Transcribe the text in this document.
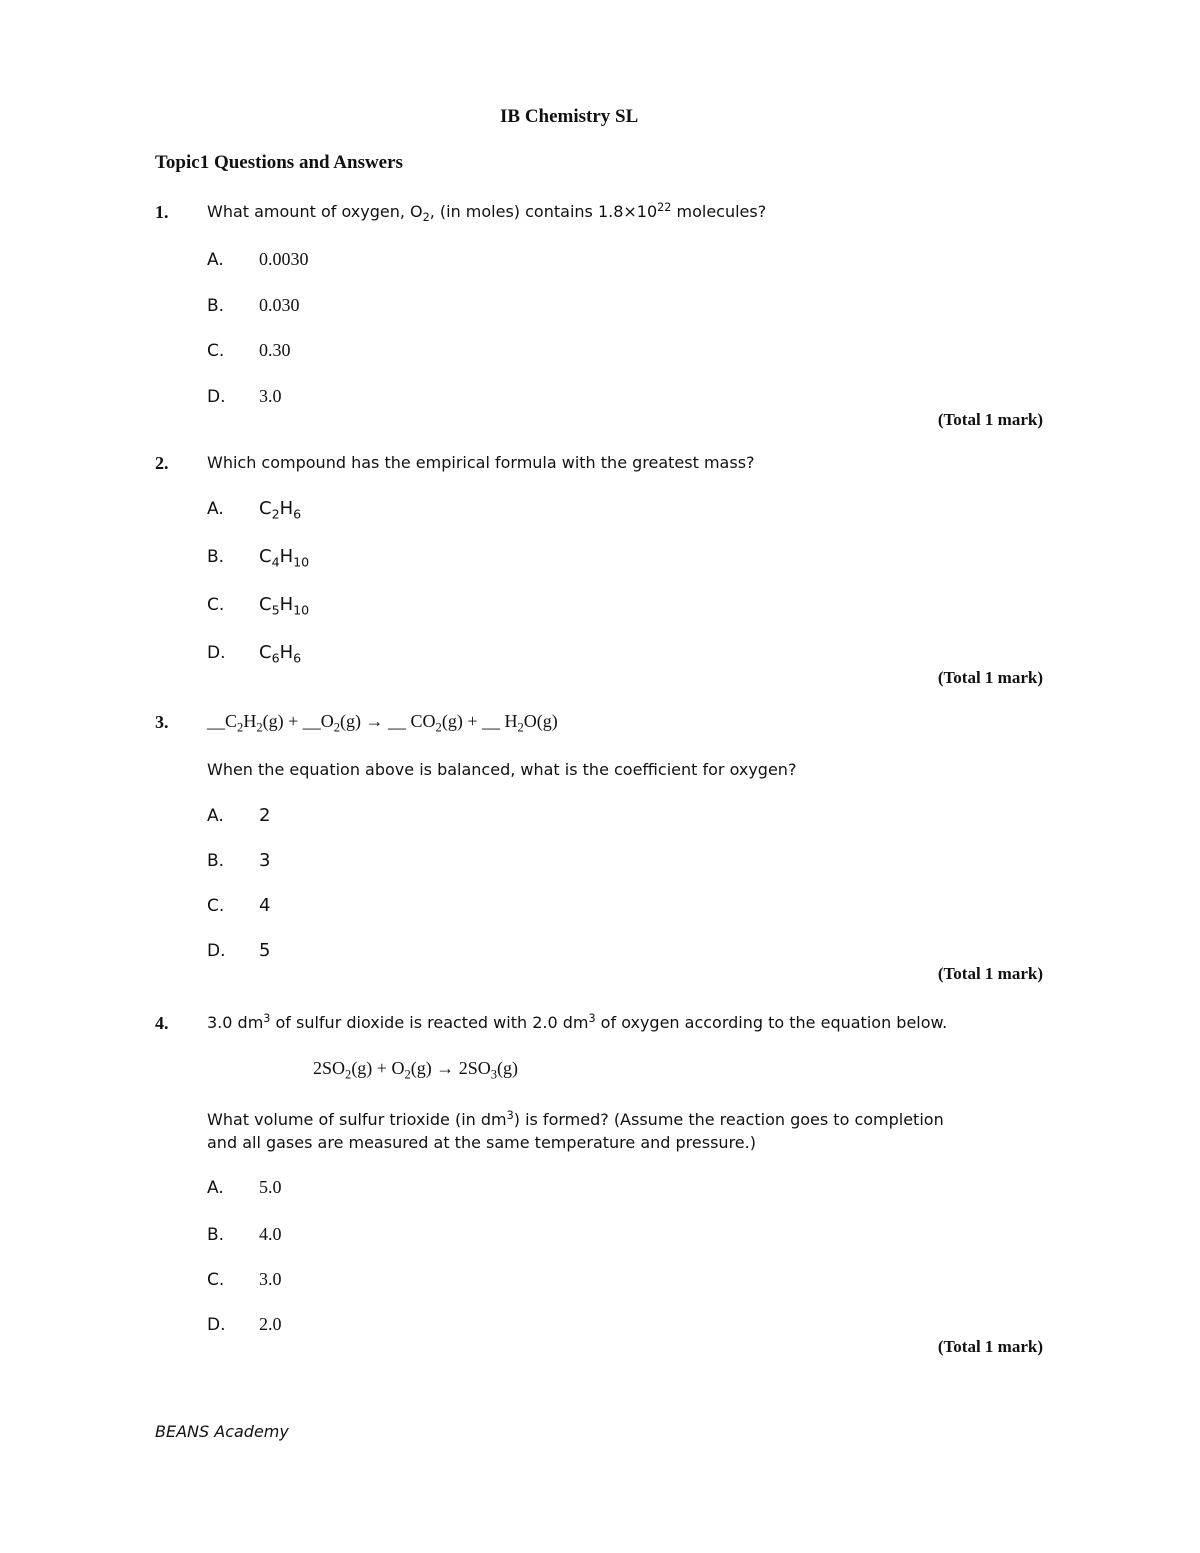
IB Chemistry SL
Topic1 Questions and Answers
1. What amount of oxygen, $O_2$, (in moles) contains $1.8\times 10^{22}$ molecules?
A. 0.0030
B. 0.030
C. 0.30
D. 3.0
(Total 1 mark)
2. Which compound has the empirical formula with the greatest mass?
A. $C_2H_6$
B. $C_4H_{10}$
C. $C_5H_{10}$
D. $C_6H_6$
(Total 1 mark)
3. $\_\_C_2H_2(g)$ + $\_\_O_2(g)$ → __ $CO_2(g)$ + __ $H_2O(g)$
When the equation above is balanced, what is the coefficient for oxygen?
A. 2
B. 3
C. 4
D. 5
(Total 1 mark)
4. 3.0 $dm^3$ of sulfur dioxide is reacted with 2.0 $dm^3$ of oxygen according to the equation below.
$2SO_2(g) + O_2(g) \to 2SO_3(g)$
What volume of sulfur trioxide (in $dm^3$) is formed? (Assume the reaction goes to completion
and all gases are measured at the same temperature and pressure.)
A. 5.0
B. 4.0
C. 3.0
D. 2.0
(Total 1 mark)
BEANS Academy
